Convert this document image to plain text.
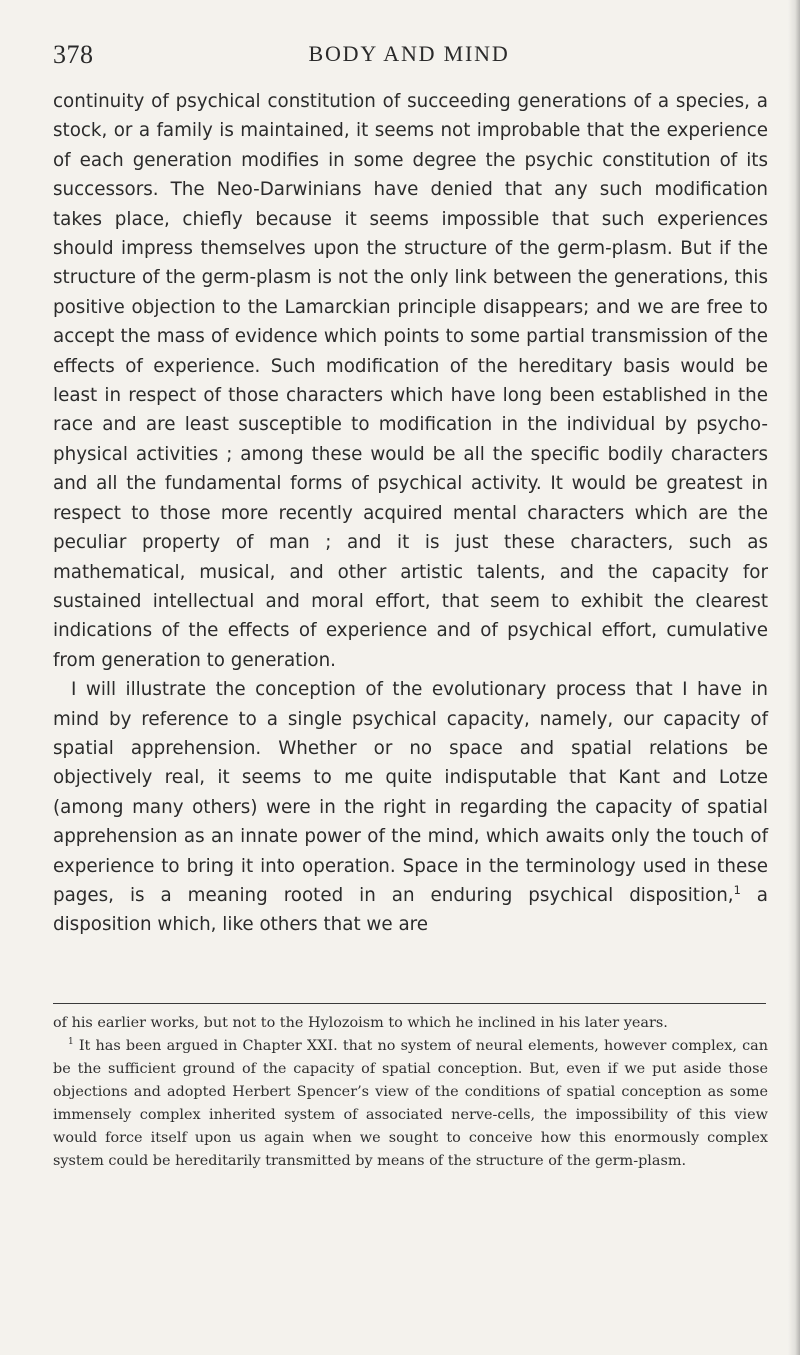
378	BODY AND MIND

continuity of psychical constitution of succeeding generations of a species, a stock, or a family is maintained, it seems not improbable that the experience of each generation modifies in some degree the psychic constitution of its successors. The Neo-Darwinians have denied that any such modification takes place, chiefly because it seems impossible that such experiences should impress themselves upon the structure of the germ-plasm. But if the structure of the germ-plasm is not the only link between the generations, this positive objection to the Lamarckian principle disappears; and we are free to accept the mass of evidence which points to some partial transmission of the effects of experience. Such modification of the hereditary basis would be least in respect of those characters which have long been established in the race and are least susceptible to modification in the individual by psycho-physical activities ; among these would be all the specific bodily characters and all the fundamental forms of psychical activity. It would be greatest in respect to those more recently acquired mental characters which are the peculiar property of man ; and it is just these characters, such as mathematical, musical, and other artistic talents, and the capacity for sustained intellectual and moral effort, that seem to exhibit the clearest indications of the effects of experience and of psychical effort, cumulative from generation to generation.

I will illustrate the conception of the evolutionary process that I have in mind by reference to a single psychical capacity, namely, our capacity of spatial apprehension. Whether or no space and spatial relations be objectively real, it seems to me quite indisputable that Kant and Lotze (among many others) were in the right in regarding the capacity of spatial apprehension as an innate power of the mind, which awaits only the touch of experience to bring it into operation. Space in the terminology used in these pages, is a meaning rooted in an enduring psychical disposition,$^1$ a disposition which, like others that we are

of his earlier works, but not to the Hylozoism to which he inclined in his later years.

$^1$ It has been argued in Chapter XXI. that no system of neural elements, however complex, can be the sufficient ground of the capacity of spatial conception. But, even if we put aside those objections and adopted Herbert Spencer’s view of the conditions of spatial conception as some immensely complex inherited system of associated nerve-cells, the impossibility of this view would force itself upon us again when we sought to conceive how this enormously complex system could be hereditarily transmitted by means of the structure of the germ-plasm.
